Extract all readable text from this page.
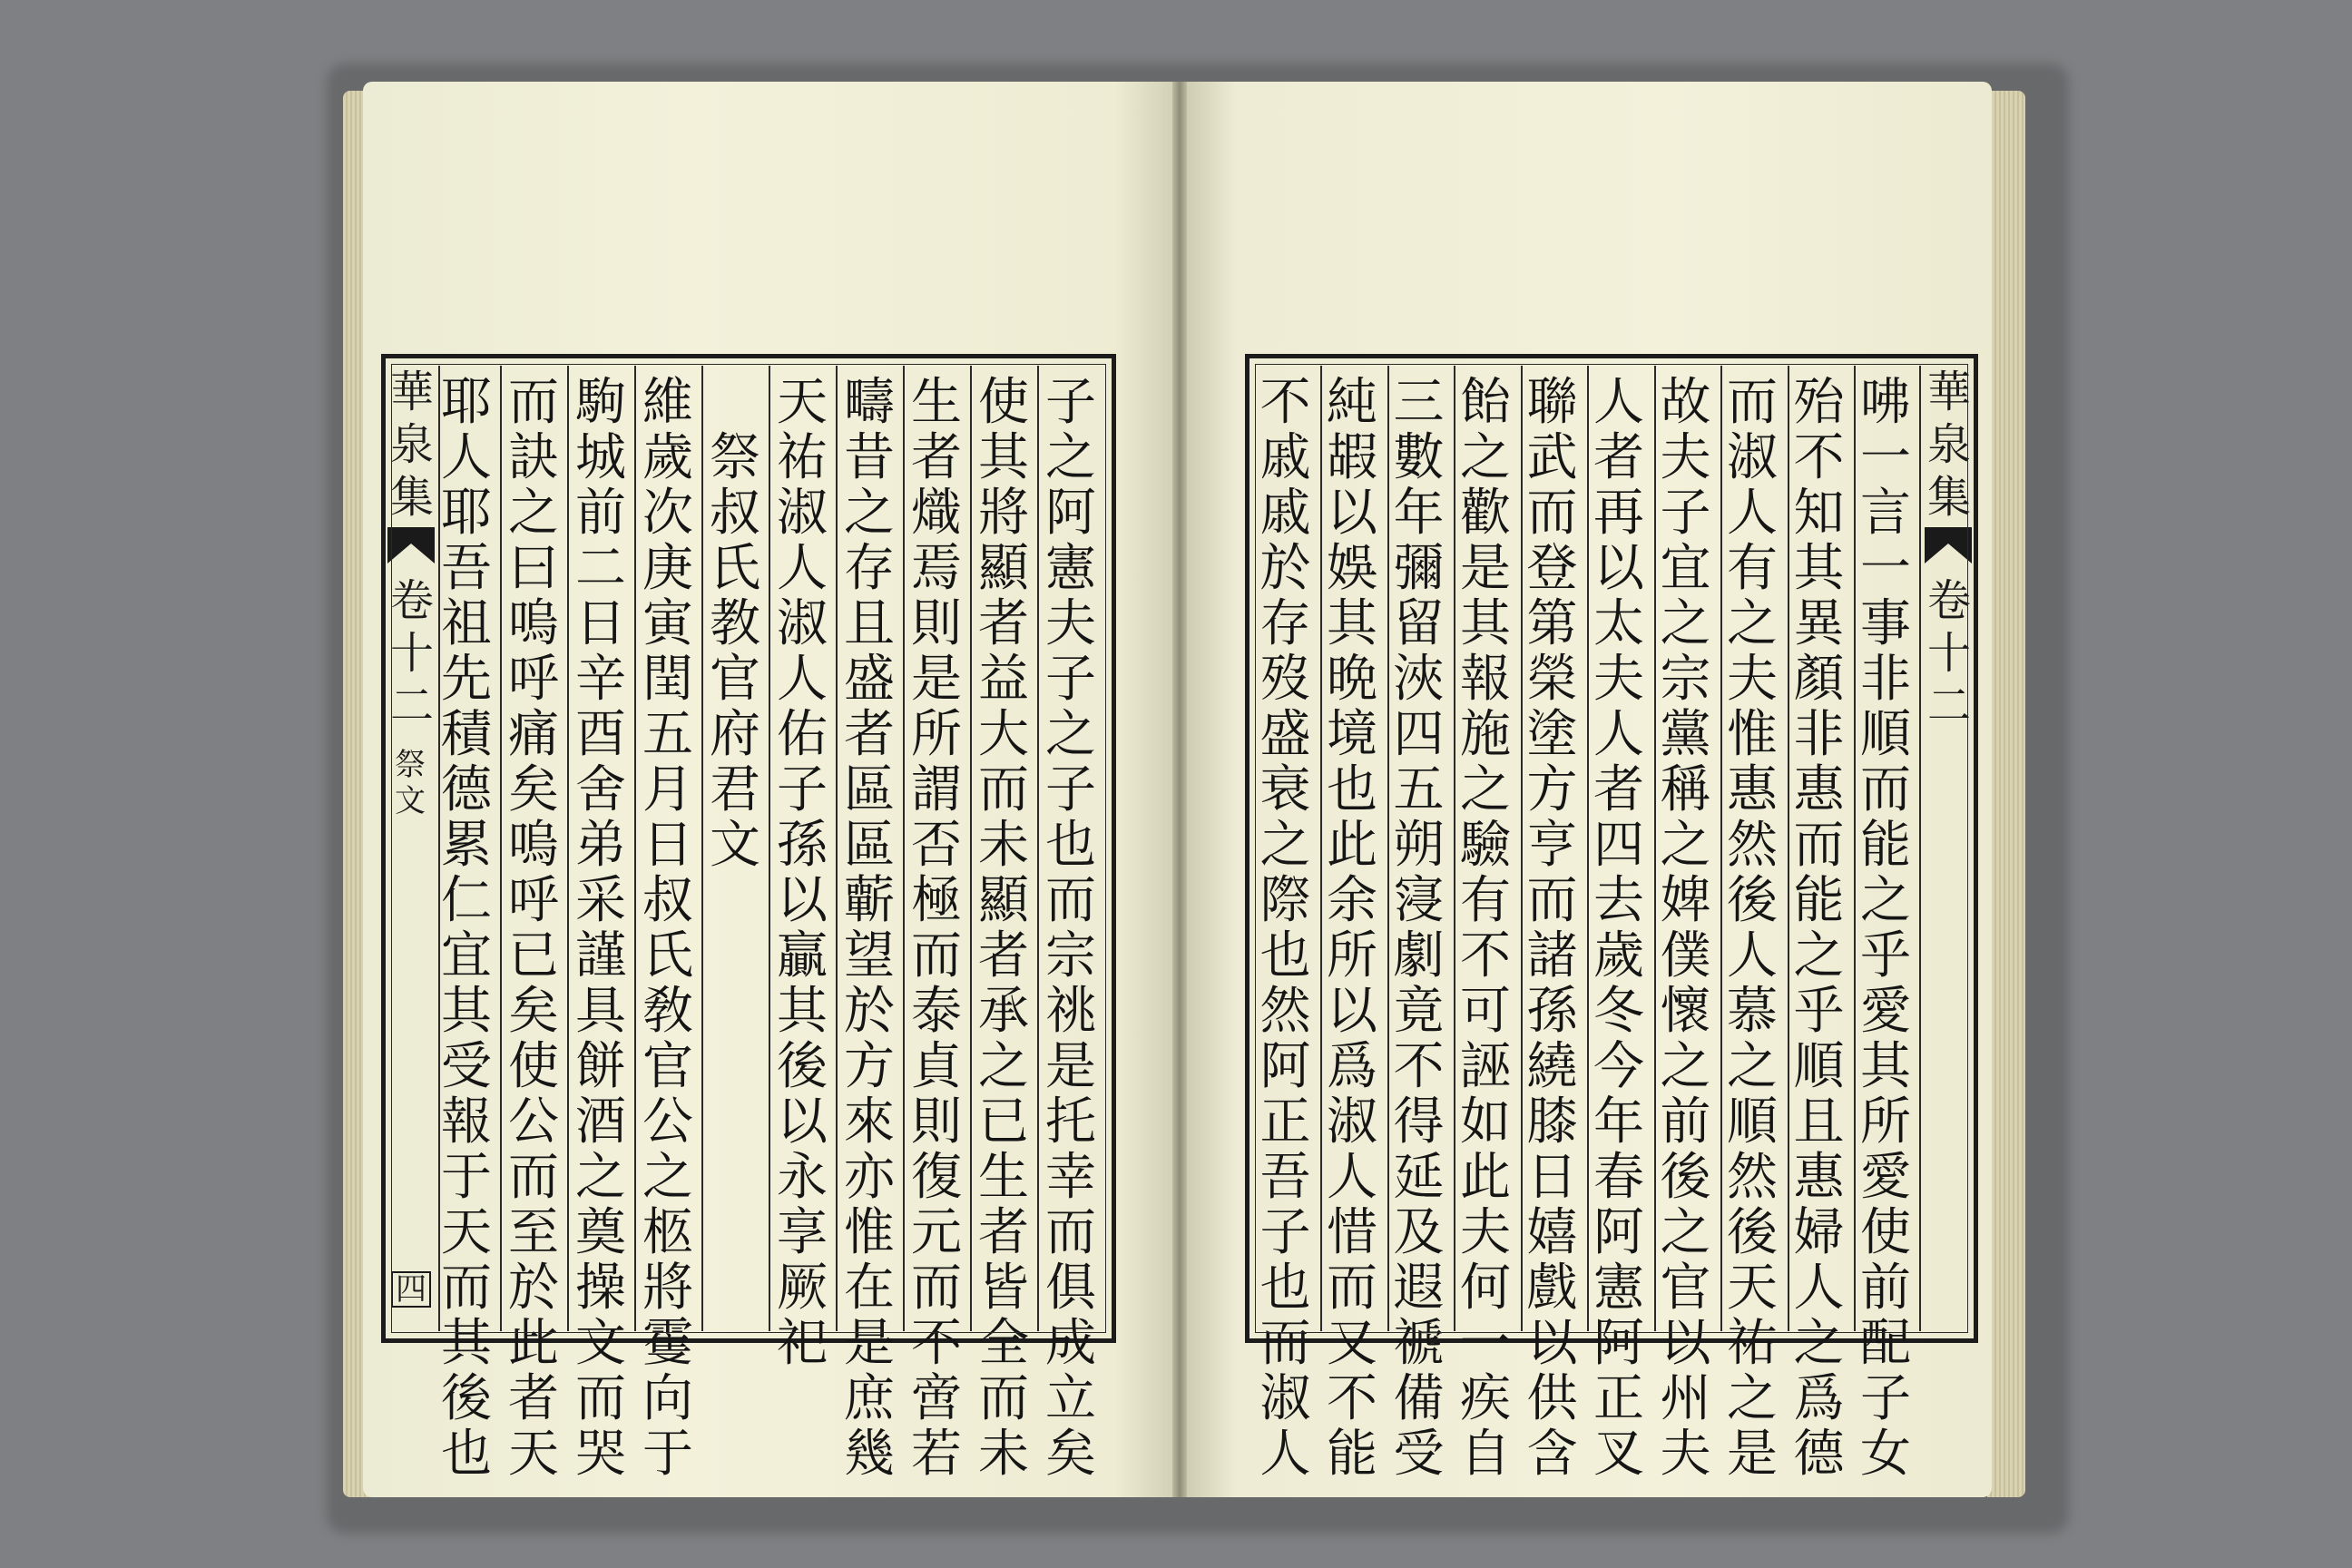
華
泉
集
卷
十
二
祭
文
四
子
之
阿
憲
夫
子
之
子
也
而
宗
祧
是
托
幸
而
俱
成
立
矣
使
其
將
顯
者
益
大
而
未
顯
者
承
之
已
生
者
皆
全
而
未
生
者
熾
焉
則
是
所
謂
否
極
而
泰
貞
則
復
元
而
不
啻
若
疇
昔
之
存
且
盛
者
區
區
蘄
望
於
方
來
亦
惟
在
是
庶
幾
天
祐
淑
人
淑
人
佑
子
孫
以
贏
其
後
以
永
享
厥
祀

祭
叔
氏
教
官
府
君
文
維
歲
次
庚
寅
閏
五
月
日
叔
氏
敎
官
公
之
柩
將
䨥
向
于
駒
城
前
二
日
辛
酉
舍
弟
采
謹
具
餅
酒
之
奠
操
文
而
哭
而
訣
之
曰
嗚
呼
痛
矣
嗚
呼
已
矣
使
公
而
至
於
此
者
天
耶
人
耶
吾
祖
先
積
德
累
仁
宜
其
受
報
于
天
而
其
後
也
咈
一
言
一
事
非
順
而
能
之
乎
愛
其
所
愛
使
前
配
子
女
殆
不
知
其
異
顏
非
惠
而
能
之
乎
順
且
惠
婦
人
之
爲
德
而
淑
人
有
之
夫
惟
惠
然
後
人
慕
之
順
然
後
天
祐
之
是
故
夫
子
宜
之
宗
黨
稱
之
婢
僕
懷
之
前
後
之
官
以
州
夫
人
者
再
以
太
夫
人
者
四
去
歲
冬
今
年
春
阿
憲
阿
正
叉
聯
武
而
登
第
榮
塗
方
亨
而
諸
孫
繞
膝
日
嬉
戲
以
供
含
飴
之
歡
是
其
報
施
之
驗
有
不
可
誣
如
此
夫
何
一
疾
自
三
數
年
彌
留
浹
四
五
朔
寖
劇
竟
不
得
延
及
遐
禠
備
受
純
嘏
以
娛
其
晩
境
也
此
余
所
以
爲
淑
人
惜
而
又
不
能
不
戚
戚
於
存
歿
盛
衰
之
際
也
然
阿
正
吾
子
也
而
淑
人
華
泉
集
卷
十
二
